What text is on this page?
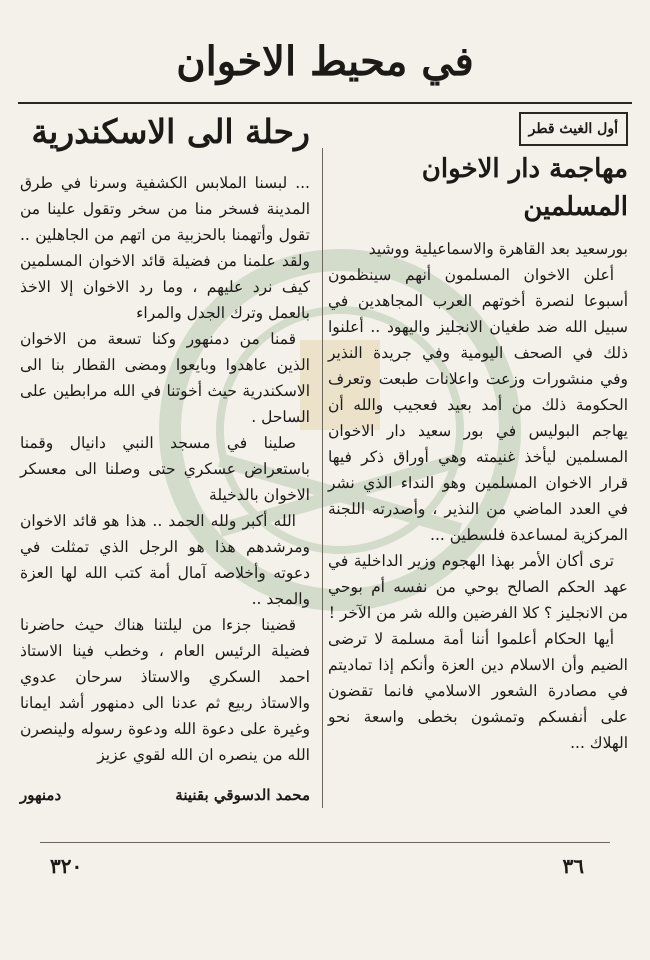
في محيط الاخوان
أول الغيث قطر
مهاجمة دار الاخوان المسلمين

بورسعيد بعد القاهرة والاسماعيلية ووشيد

أعلن الاخوان المسلمون أنهم سينظمون أسبوعا لنصرة أخوتهم العرب المجاهدين في سبيل الله ضد طغيان الانجليز واليهود .. أعلنوا ذلك في الصحف اليومية وفي جريدة النذير وفي منشورات وزعت واعلانات طبعت وتعرف الحكومة ذلك من أمد بعيد فعجيب والله أن يهاجم البوليس في بور سعيد دار الاخوان المسلمين ليأخذ غنيمته وهي أوراق ذكر فيها قرار الاخوان المسلمين وهو النداء الذي نشر في العدد الماضي من النذير ، وأصدرته اللجنة المركزية لمساعدة فلسطين ...

ترى أكان الأمر بهذا الهجوم وزير الداخلية في عهد الحكم الصالح بوحي من نفسه أم بوحي من الانجليز ؟ كلا الفرضين والله شر من الآخر !

أيها الحكام أعلموا أننا أمة مسلمة لا ترضى الضيم وأن الاسلام دين العزة وأنكم إذا تماديتم في مصادرة الشعور الاسلامي فانما تقضون على أنفسكم وتمشون بخطى واسعة نحو الهلاك ...

رحلة الى الاسكندرية

... لبسنا الملابس الكشفية وسرنا في طرق المدينة فسخر منا من سخر وتقول علينا من تقول وأتهمنا بالحزبية من اتهم من الجاهلين .. ولقد علمنا من فضيلة قائد الاخوان المسلمين كيف نرد عليهم ، وما رد الاخوان إلا الاخذ بالعمل وترك الجدل والمراء

قمنا من دمنهور وكنا تسعة من الاخوان الذين عاهدوا وبايعوا ومضى القطار بنا الى الاسكندرية حيث أخوتنا في الله مرابطين على الساحل .

صلينا في مسجد النبي دانيال وقمنا باستعراض عسكري حتى وصلنا الى معسكر الاخوان بالدخيلة

الله أكبر ولله الحمد .. هذا هو قائد الاخوان ومرشدهم هذا هو الرجل الذي تمثلت في دعوته وأخلاصه آمال أمة كتب الله لها العزة والمجد ..

قضينا جزءا من ليلتنا هناك حيث حاضرنا فضيلة الرئيس العام ، وخطب فينا الاستاذ احمد السكري والاستاذ سرحان عدوي والاستاذ ربيع ثم عدنا الى دمنهور أشد ايمانا وغيرة على دعوة الله ودعوة رسوله ولينصرن الله من ينصره ان الله لقوي عزيز

محمد الدسوقي بقنينة
دمنهور
٣٦
٣٢٠
